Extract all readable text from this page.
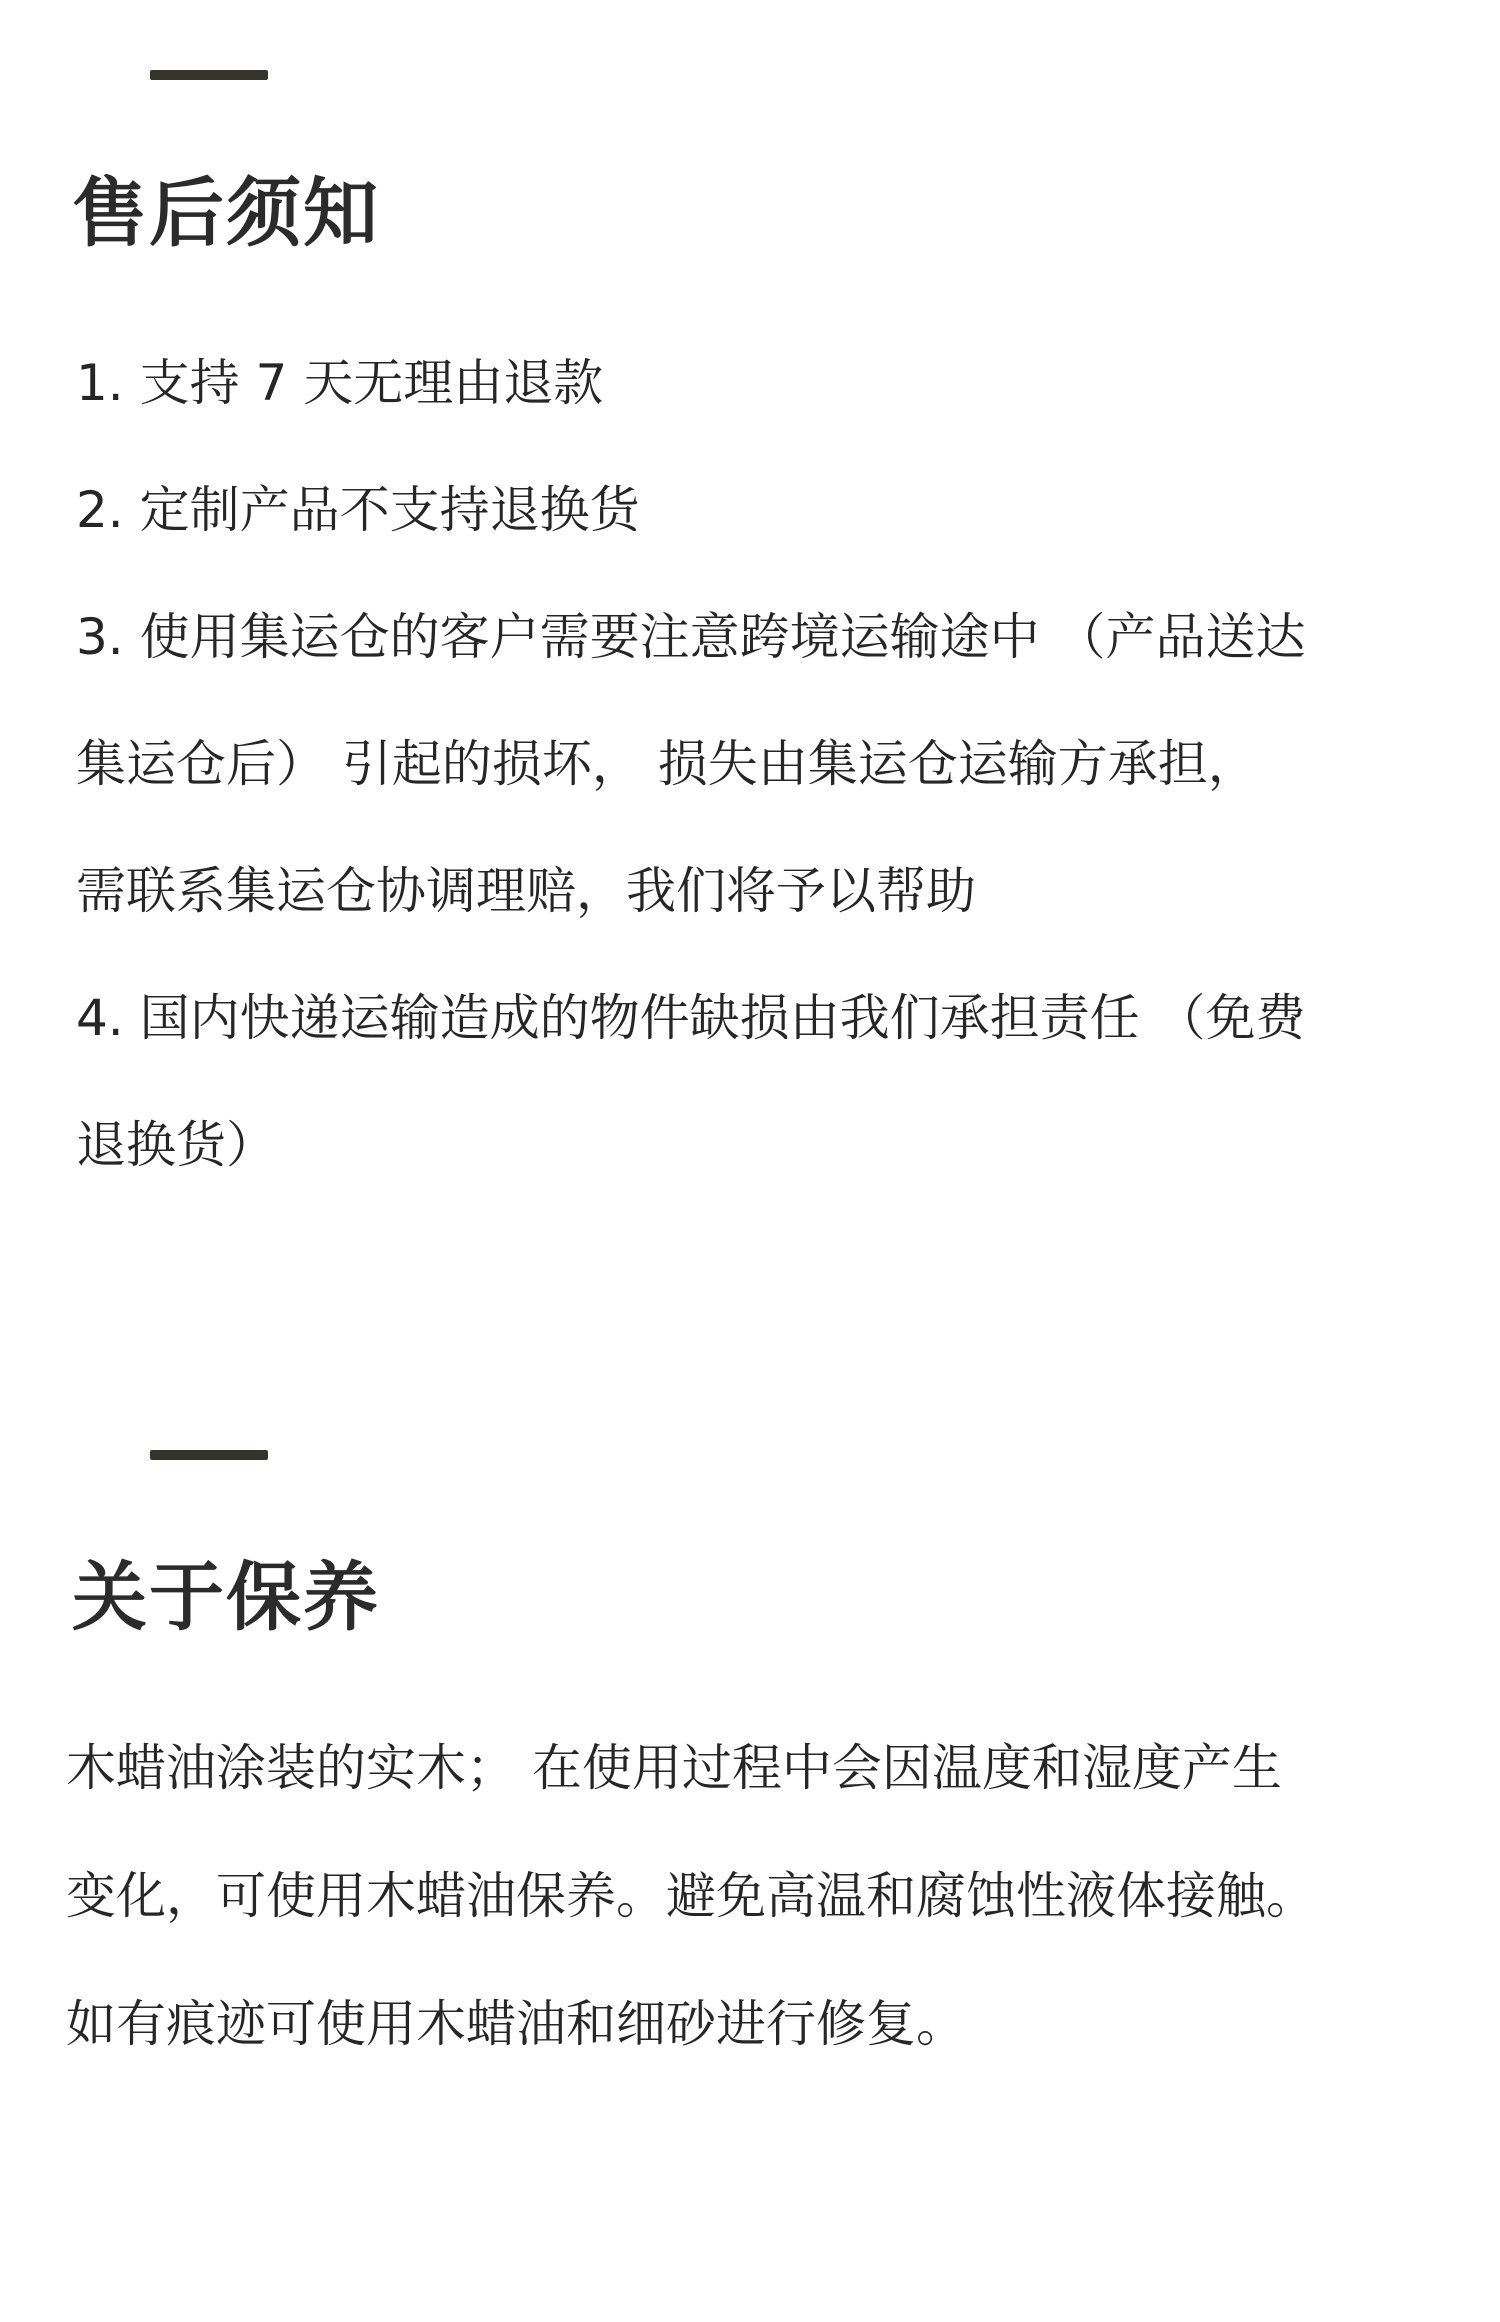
售后须知

1. 支持 7 天无理由退款

2. 定制产品不支持退换货

3. 使用集运仓的客户需要注意跨境运输途中 （产品送达

集运仓后） 引起的损坏， 损失由集运仓运输方承担，

需联系集运仓协调理赔，我们将予以帮助

4. 国内快递运输造成的物件缺损由我们承担责任 （免费

退换货）

关于保养

木蜡油涂装的实木； 在使用过程中会因温度和湿度产生

变化，可使用木蜡油保养。避免高温和腐蚀性液体接触。

如有痕迹可使用木蜡油和细砂进行修复。
